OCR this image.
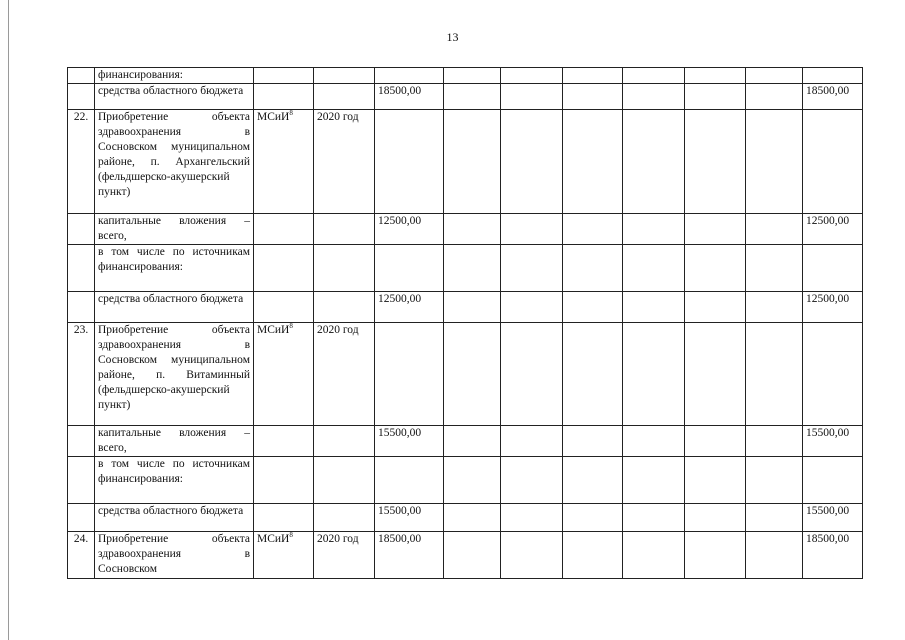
13
	финансирования:										
	средства областного бюджета			18500,00							18500,00
22.	Приобретение объекта здравоохранения в Сосновском муниципальном районе, п. Архангельский (фельдшерско-акушерский пункт)	МСиИ$^8$	2020 год								
	капитальные вложения – всего,			12500,00							12500,00
	в том числе по источникам финансирования:										
	средства областного бюджета			12500,00							12500,00
23.	Приобретение объекта здравоохранения в Сосновском муниципальном районе, п. Витаминный (фельдшерско-акушерский пункт)	МСиИ$^8$	2020 год								
	капитальные вложения – всего,			15500,00							15500,00
	в том числе по источникам финансирования:										
	средства областного бюджета			15500,00							15500,00
24.	Приобретение объекта здравоохранения в Сосновском	МСиИ$^8$	2020 год	18500,00							18500,00
